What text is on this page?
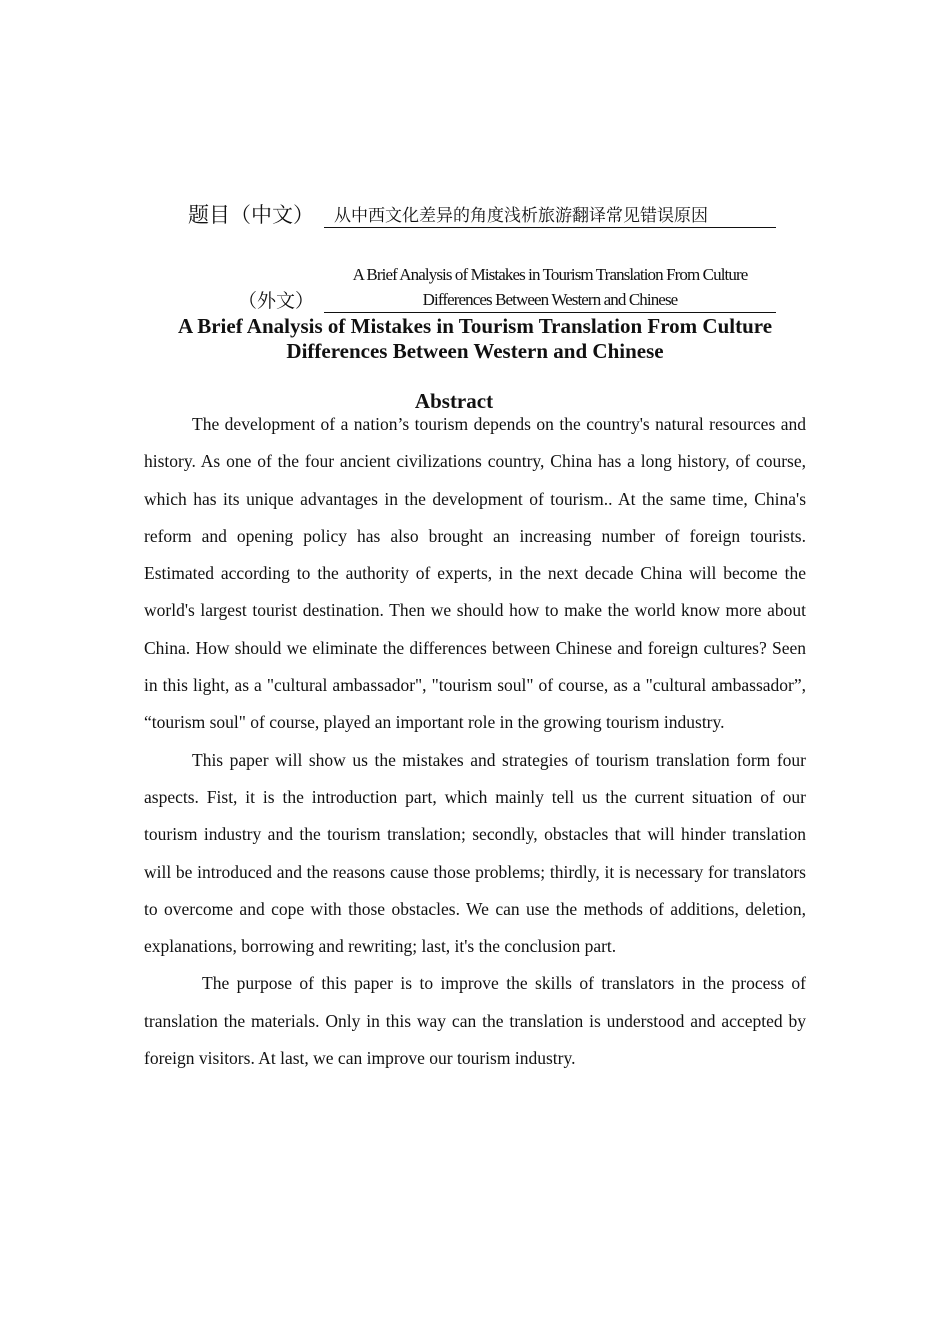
题目（中文）	从中西文化差异的角度浅析旅游翻译常见错误原因
（外文）
A Brief Analysis of Mistakes in Tourism Translation From Culture Differences Between Western and Chinese
A Brief Analysis of Mistakes in Tourism Translation From Culture Differences Between Western and Chinese
Abstract

The development of a nation’s tourism depends on the country's natural resources and history. As one of the four ancient civilizations country, China has a long history, of course, which has its unique advantages in the development of tourism.. At the same time, China's reform and opening policy has also brought an increasing number of foreign tourists. Estimated according to the authority of experts, in the next decade China will become the world's largest tourist destination. Then we should how to make the world know more about China. How should we eliminate the differences between Chinese and foreign cultures? Seen in this light, as a "cultural ambassador", "tourism soul" of course, as a "cultural ambassador”, “tourism soul" of course, played an important role in the growing tourism industry.

This paper will show us the mistakes and strategies of tourism translation form four aspects. Fist, it is the introduction part, which mainly tell us the current situation of our tourism industry and the tourism translation; secondly, obstacles that will hinder translation will be introduced and the reasons cause those problems; thirdly, it is necessary for translators to overcome and cope with those obstacles. We can use the methods of additions, deletion, explanations, borrowing and rewriting; last, it's the conclusion part.

The purpose of this paper is to improve the skills of translators in the process of translation the materials. Only in this way can the translation is understood and accepted by foreign visitors. At last, we can improve our tourism industry.
